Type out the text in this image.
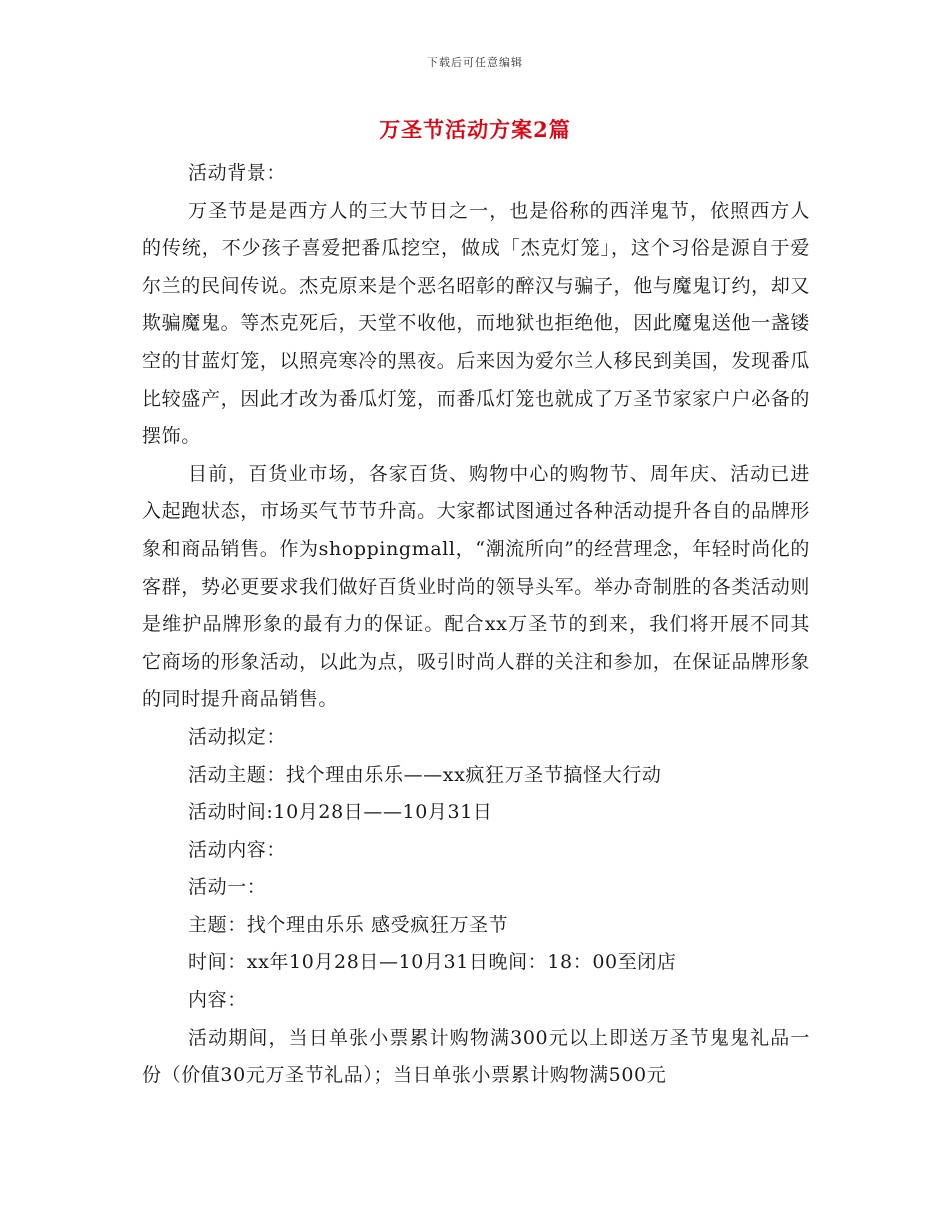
下载后可任意编辑
万圣节活动方案2篇

活动背景：

万圣节是是西方人的三大节日之一，也是俗称的西洋鬼节，依照西方人的传统，不少孩子喜爱把番瓜挖空，做成「杰克灯笼」，这个习俗是源自于爱尔兰的民间传说。杰克原来是个恶名昭彰的醉汉与骗子，他与魔鬼订约，却又欺骗魔鬼。等杰克死后，天堂不收他，而地狱也拒绝他，因此魔鬼送他一盏镂空的甘蓝灯笼，以照亮寒冷的黑夜。后来因为爱尔兰人移民到美国，发现番瓜比较盛产，因此才改为番瓜灯笼，而番瓜灯笼也就成了万圣节家家户户必备的摆饰。

目前，百货业市场，各家百货、购物中心的购物节、周年庆、活动已进入起跑状态，市场买气节节升高。大家都试图通过各种活动提升各自的品牌形象和商品销售。作为shoppingmall，“潮流所向”的经营理念，年轻时尚化的客群，势必更要求我们做好百货业时尚的领导头军。举办奇制胜的各类活动则是维护品牌形象的最有力的保证。配合xx万圣节的到来，我们将开展不同其它商场的形象活动，以此为点，吸引时尚人群的关注和参加，在保证品牌形象的同时提升商品销售。

活动拟定：

活动主题：找个理由乐乐——xx疯狂万圣节搞怪大行动

活动时间:10月28日——10月31日

活动内容：

活动一：

主题：找个理由乐乐 感受疯狂万圣节

时间：xx年10月28日—10月31日晚间：18：00至闭店

内容：

活动期间，当日单张小票累计购物满300元以上即送万圣节鬼鬼礼品一份（价值30元万圣节礼品）；当日单张小票累计购物满500元
